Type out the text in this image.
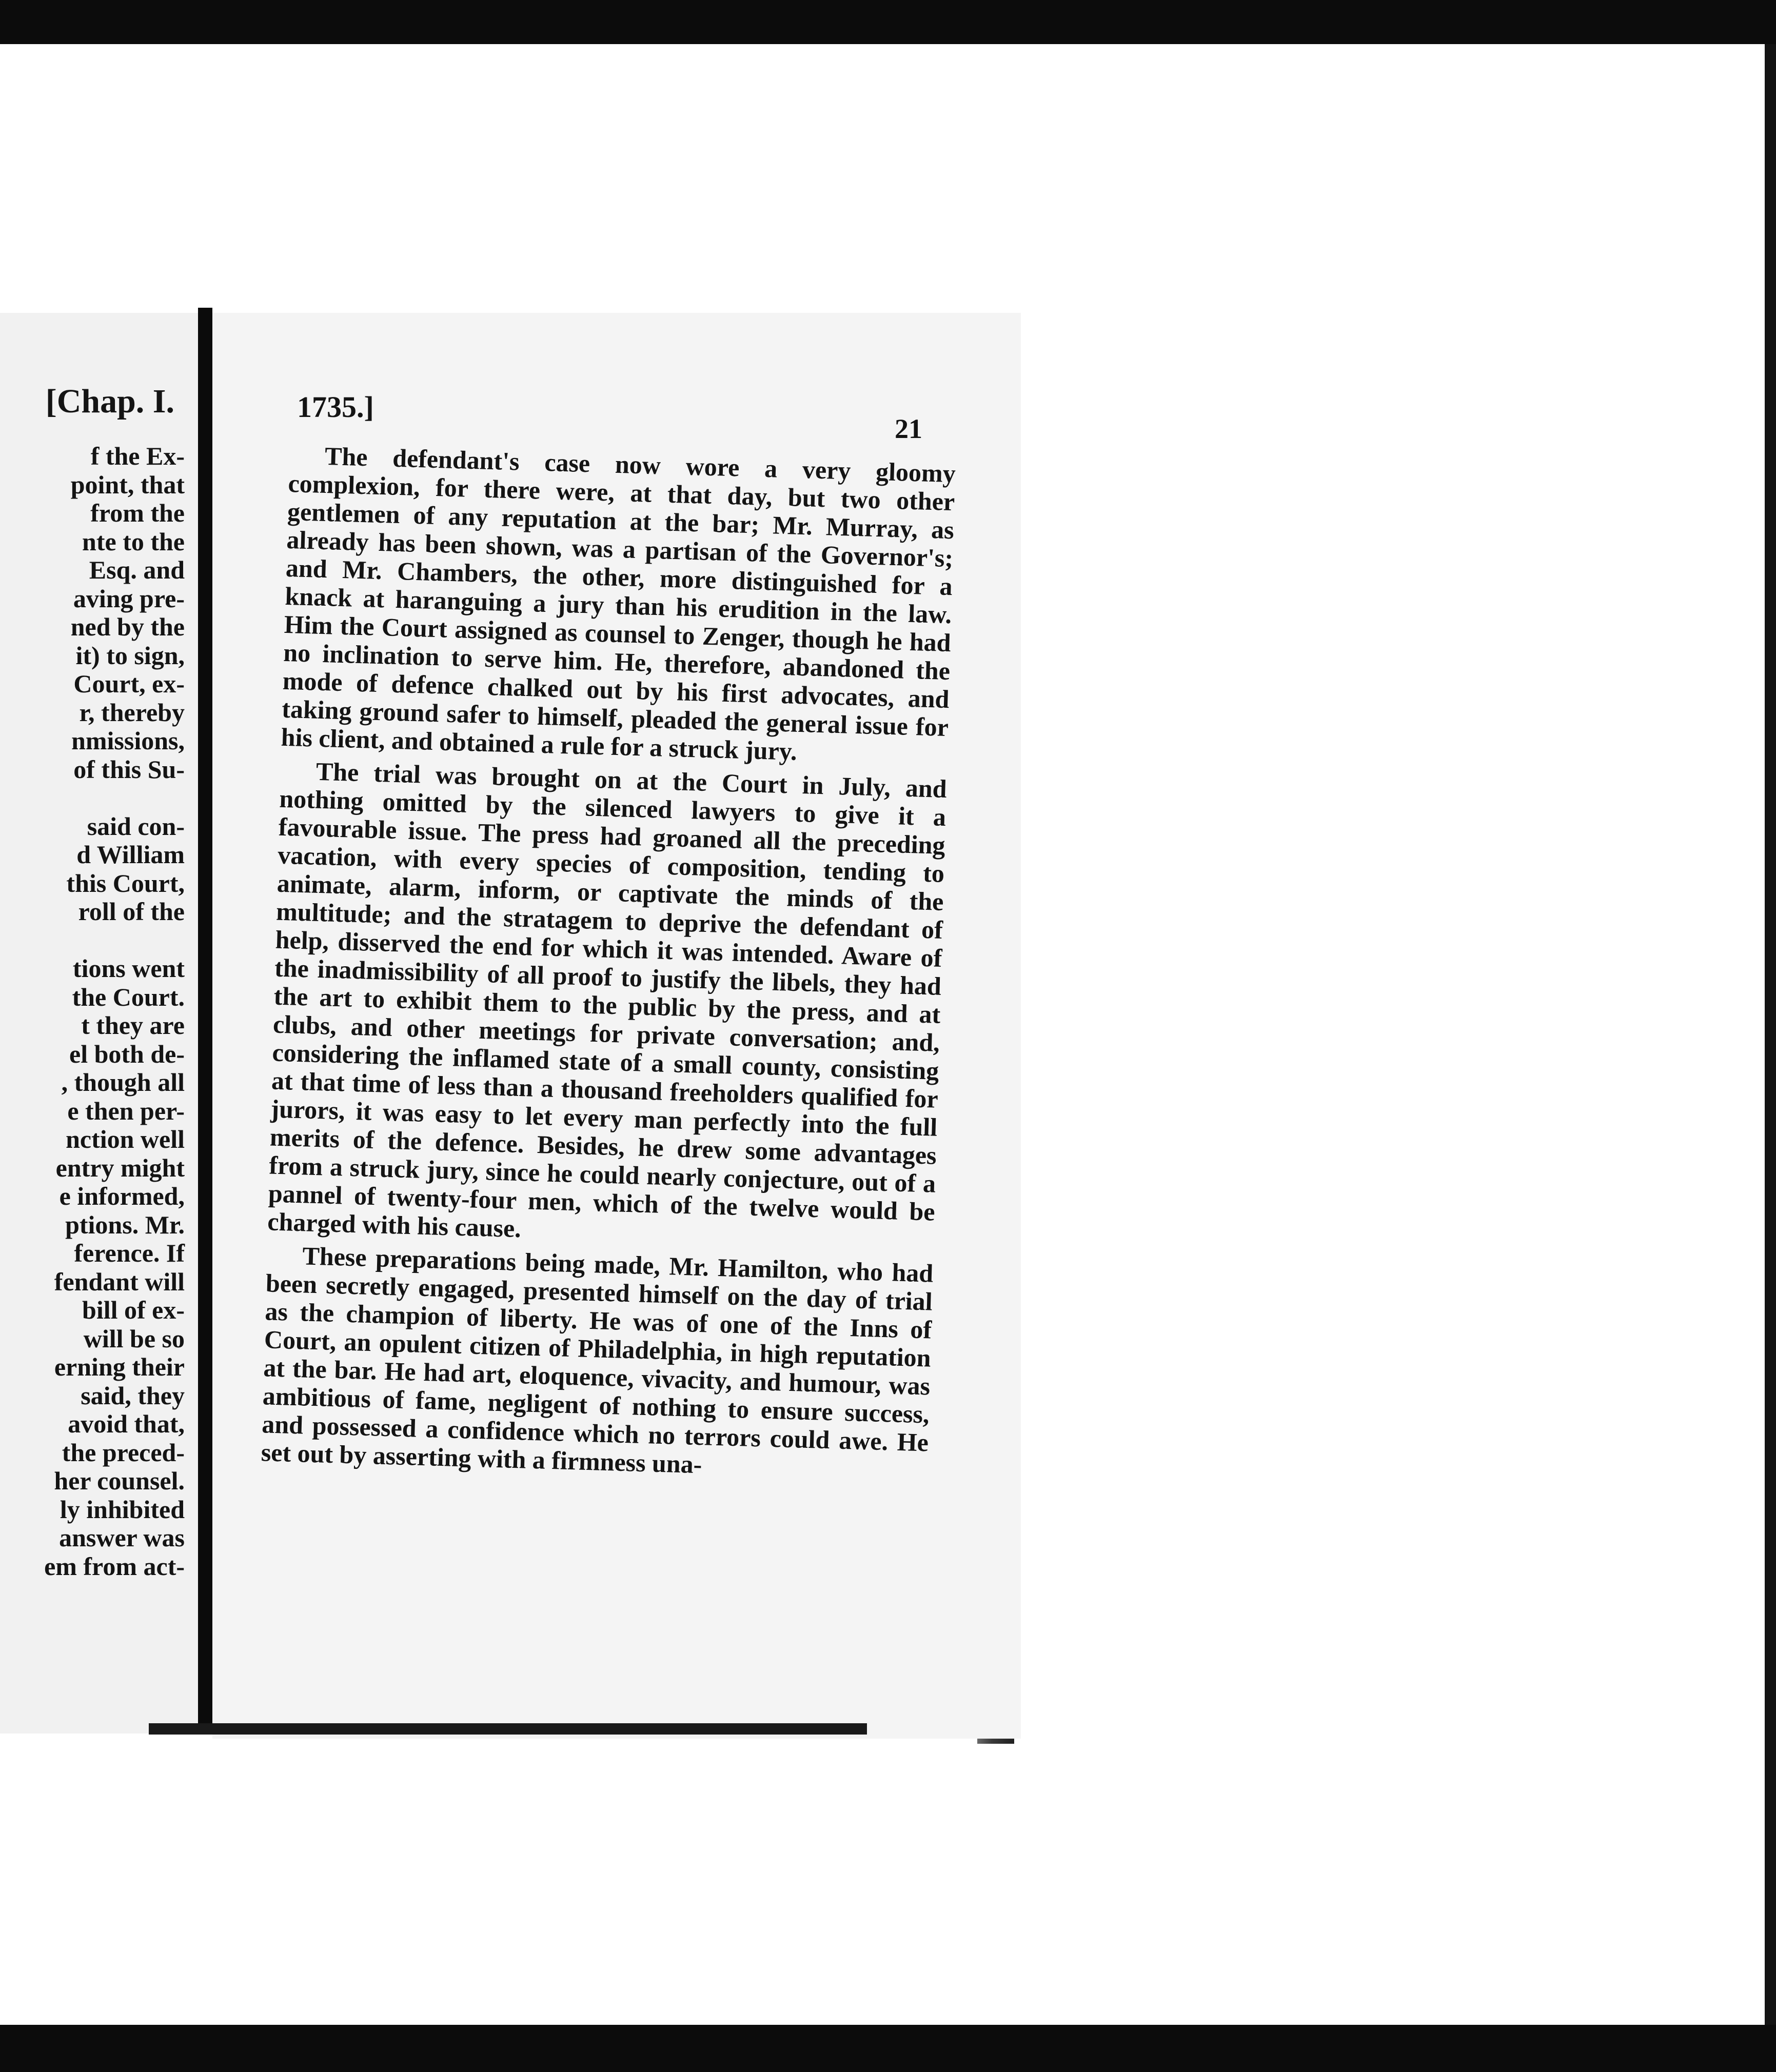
[Chap. I.
f the Ex-
point, that
from the
nte to the
Esq. and
aving pre-
ned by the
it) to sign,
Court, ex-
r, thereby
nmissions,
of this Su-
said con-
d William
this Court,
roll of the
tions went
the Court.
t they are
el both de-
, though all
e then per-
nction well
entry might
e informed,
ptions. Mr.
ference. If
fendant will
bill of ex-
will be so
erning their
said, they
avoid that,
the preced-
her counsel.
ly inhibited
answer was
em from act-
1735.]
21

The defendant's case now wore a very gloomy complexion, for there were, at that day, but two other gentlemen of any reputation at the bar; Mr. Murray, as already has been shown, was a partisan of the Governor's; and Mr. Chambers, the other, more distinguished for a knack at haranguing a jury than his erudition in the law. Him the Court assigned as counsel to Zenger, though he had no inclination to serve him. He, therefore, abandoned the mode of defence chalked out by his first advocates, and taking ground safer to himself, pleaded the general issue for his client, and obtained a rule for a struck jury.

The trial was brought on at the Court in July, and nothing omitted by the silenced lawyers to give it a favourable issue. The press had groaned all the preceding vacation, with every species of composition, tending to animate, alarm, inform, or captivate the minds of the multitude; and the stratagem to deprive the defendant of help, disserved the end for which it was intended. Aware of the inadmissibility of all proof to justify the libels, they had the art to exhibit them to the public by the press, and at clubs, and other meetings for private conversation; and, considering the inflamed state of a small county, consisting at that time of less than a thousand freeholders qualified for jurors, it was easy to let every man perfectly into the full merits of the defence. Besides, he drew some advantages from a struck jury, since he could nearly conjecture, out of a pannel of twenty-four men, which of the twelve would be charged with his cause.

These preparations being made, Mr. Hamilton, who had been secretly engaged, presented himself on the day of trial as the champion of liberty. He was of one of the Inns of Court, an opulent citizen of Philadelphia, in high reputation at the bar. He had art, eloquence, vivacity, and humour, was ambitious of fame, negligent of nothing to ensure success, and possessed a confidence which no terrors could awe. He set out by asserting with a firmness una-
